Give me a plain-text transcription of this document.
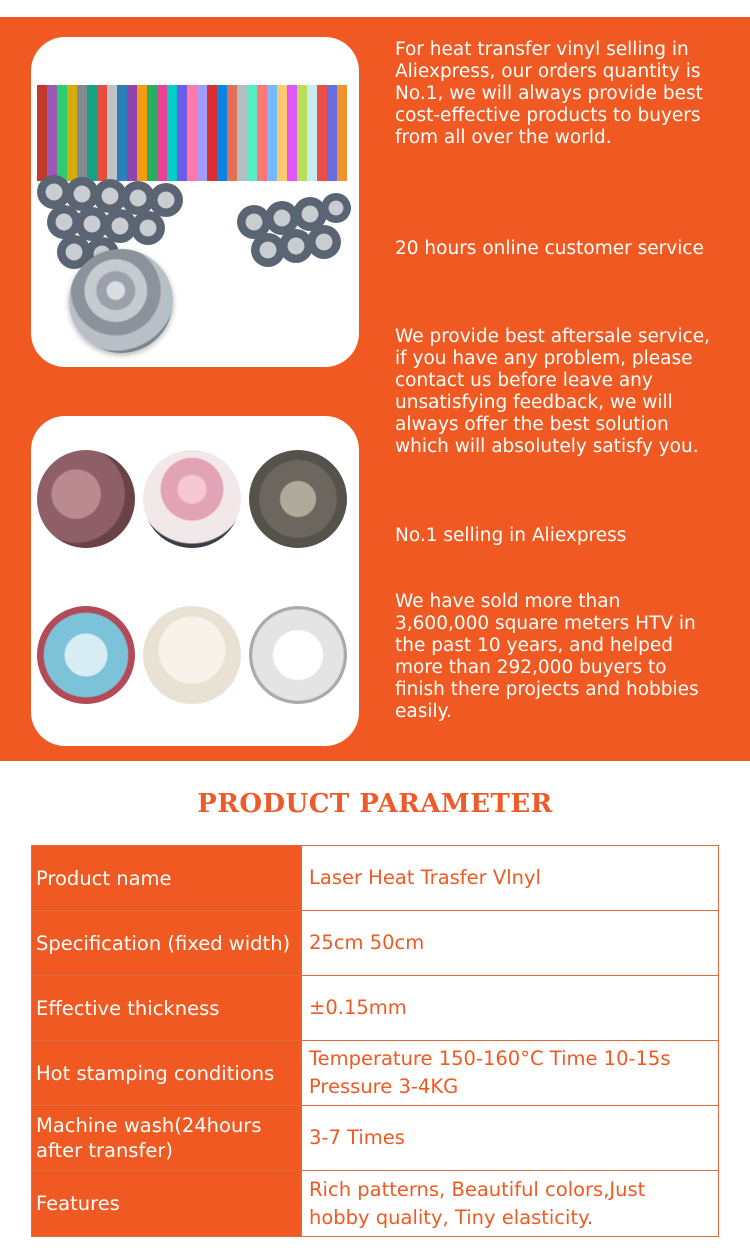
For heat transfer vinyl selling in Aliexpress, our orders quantity is No.1, we will always provide best cost-effective products to buyers from all over the world.

20 hours online customer service

We provide best aftersale service, if you have any problem, please contact us before leave any unsatisfying feedback, we will always offer the best solution which will absolutely satisfy you.

No.1 selling in Aliexpress

We have sold more than 3,600,000 square meters HTV in the past 10 years, and helped more than 292,000 buyers to finish there projects and hobbies easily.

PRODUCT PARAMETER
Product name	Laser Heat Trasfer Vlnyl
Specification (fixed width) 25cm 50cm
Effective thickness	±0.15mm
Hot stamping conditions
Temperature 150-160°C Time 10-15s
Pressure 3-4KG
Machine wash(24hours after transfer)
3-7 Times
Features
Rich patterns, Beautiful colors,Just hobby quality, Tiny elasticity.
